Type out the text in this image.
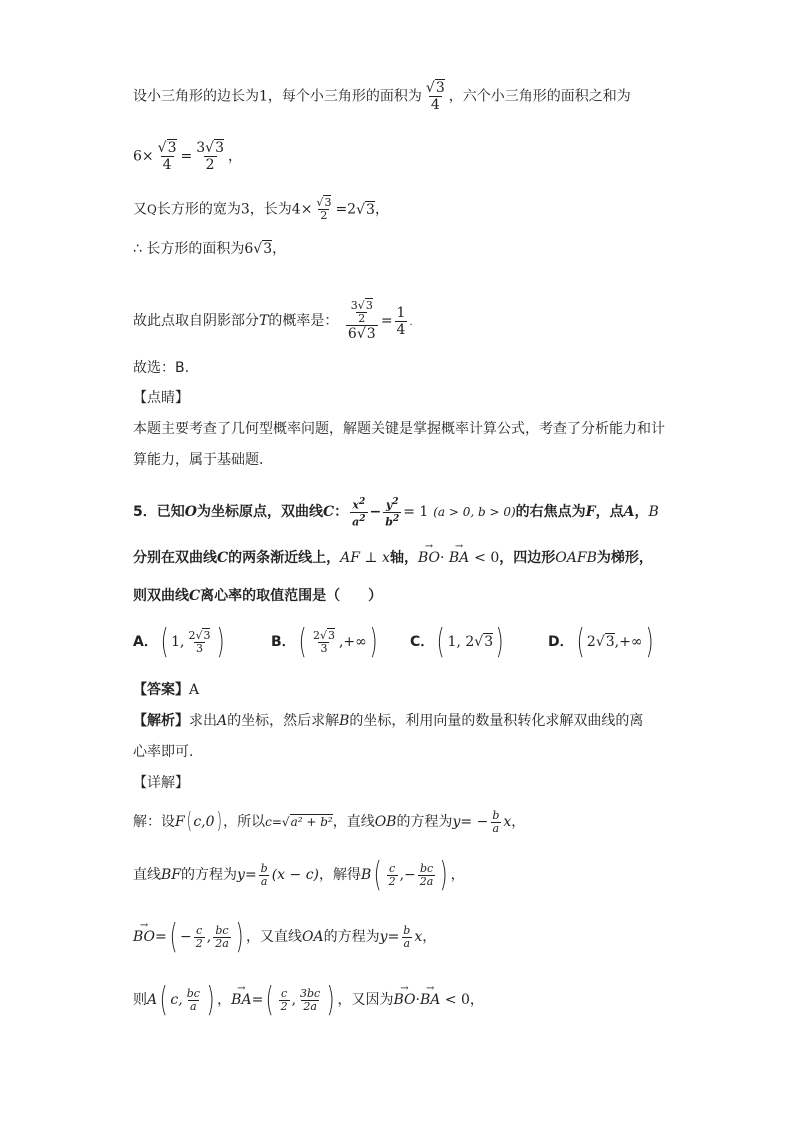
设小三角形的边长为1，每个小三角形的面积为 $\frac{√3}{4}$ ，六个小三角形的面积之和为
$6\times \frac{√3}{4} = \frac{3√3}{2}$ ，
又Q长方形的宽为3，长为$4\times \frac{√3}{2} =2√3$，
∴ 长方形的面积为6√3，
故此点取自阴影部分T的概率是： $\frac{\frac{3√3}{2}}{6√3} = \frac{1}{4}$ .
故选：B.
【点睛】
本题主要考查了几何型概率问题，解题关键是掌握概率计算公式，考查了分析能力和计
算能力，属于基础题.
5．已知O为坐标原点，双曲线C： $\frac{x^2}{a^2} - \frac{y^2}{b^2} = 1$ (a > 0, b > 0)的右焦点为F，点A，B
分别在双曲线C的两条渐近线上，AF ⊥ x轴，→ BO· → BA < 0，四边形OAFB为梯形，
则双曲线C离心率的取值范围是（　　）
A．( 1, $\frac{2√3}{3}$ )	B．( $\frac{2√3}{3}$ ,+∞) C．( 1, 2√3)	D．( 2√3,+∞)
【答案】A
【解析】求出A的坐标，然后求解B的坐标，利用向量的数量积转化求解双曲线的离
心率即可.
【详解】
解：设F( c,0) ，所以c=√a² + b²，直线OB的方程为$y= - \frac{b}{a}$ x，
直线BF的方程为$y= \frac{b}{a} (x - c)$，解得$B( \frac{c}{2}$ ,− $\frac{bc}{2a}$ ) ，
→ $BO=( - \frac{c}{2}$ , $\frac{bc}{2a}$ ) ，又直线OA的方程为$y= \frac{b}{a}$ x，
则A( c, $\frac{bc}{a}$ ) ，→ $BA=( \frac{c}{2}$ , $\frac{3bc}{2a}$ ) ，又因为→ BO·→ BA < 0，
